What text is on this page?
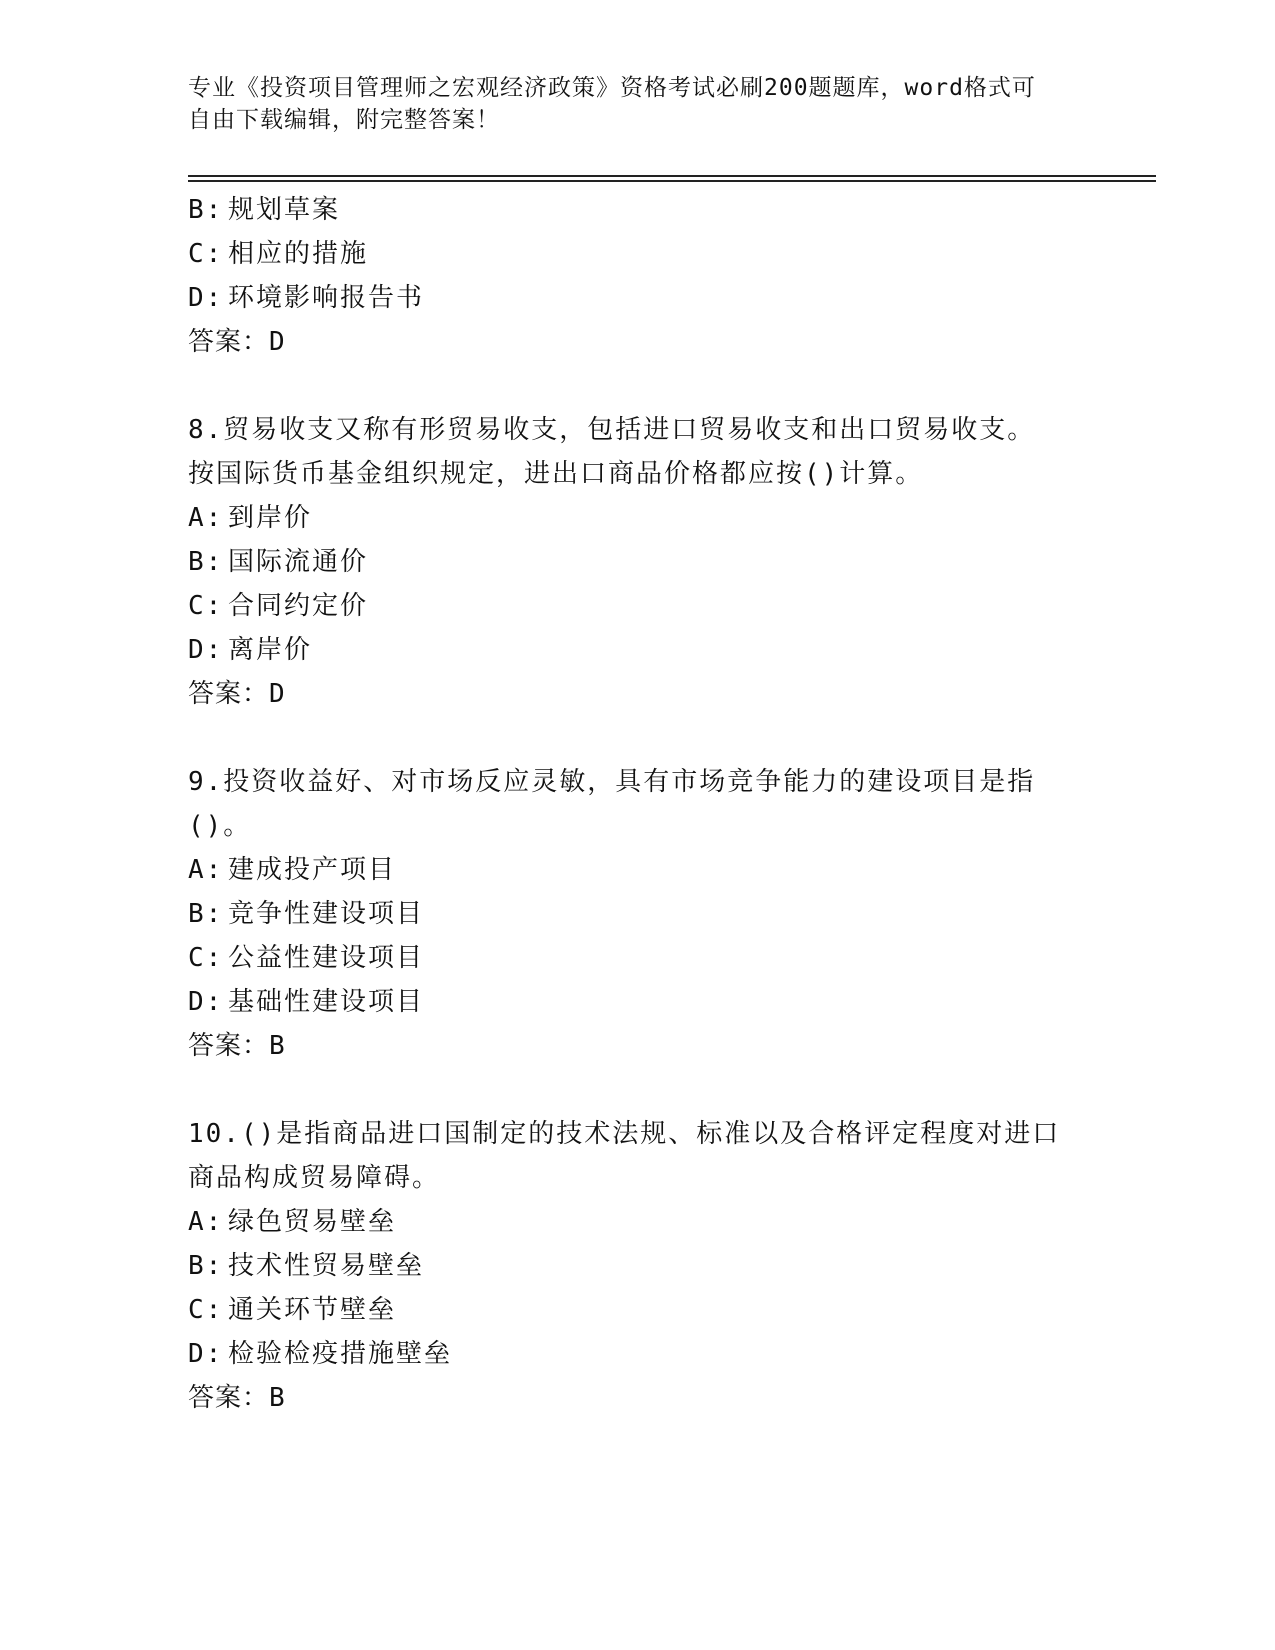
专业《投资项目管理师之宏观经济政策》资格考试必刷200题题库，word格式可
自由下载编辑，附完整答案！
B: 规划草案
C: 相应的措施
D: 环境影响报告书
答案：D
8.贸易收支又称有形贸易收支，包括进口贸易收支和出口贸易收支。
按国际货币基金组织规定，进出口商品价格都应按()计算。
A: 到岸价
B: 国际流通价
C: 合同约定价
D: 离岸价
答案：D
9.投资收益好、对市场反应灵敏，具有市场竞争能力的建设项目是指
()。
A: 建成投产项目
B: 竞争性建设项目
C: 公益性建设项目
D: 基础性建设项目
答案：B
10.()是指商品进口国制定的技术法规、标准以及合格评定程度对进口
商品构成贸易障碍。
A: 绿色贸易壁垒
B: 技术性贸易壁垒
C: 通关环节壁垒
D: 检验检疫措施壁垒
答案：B
